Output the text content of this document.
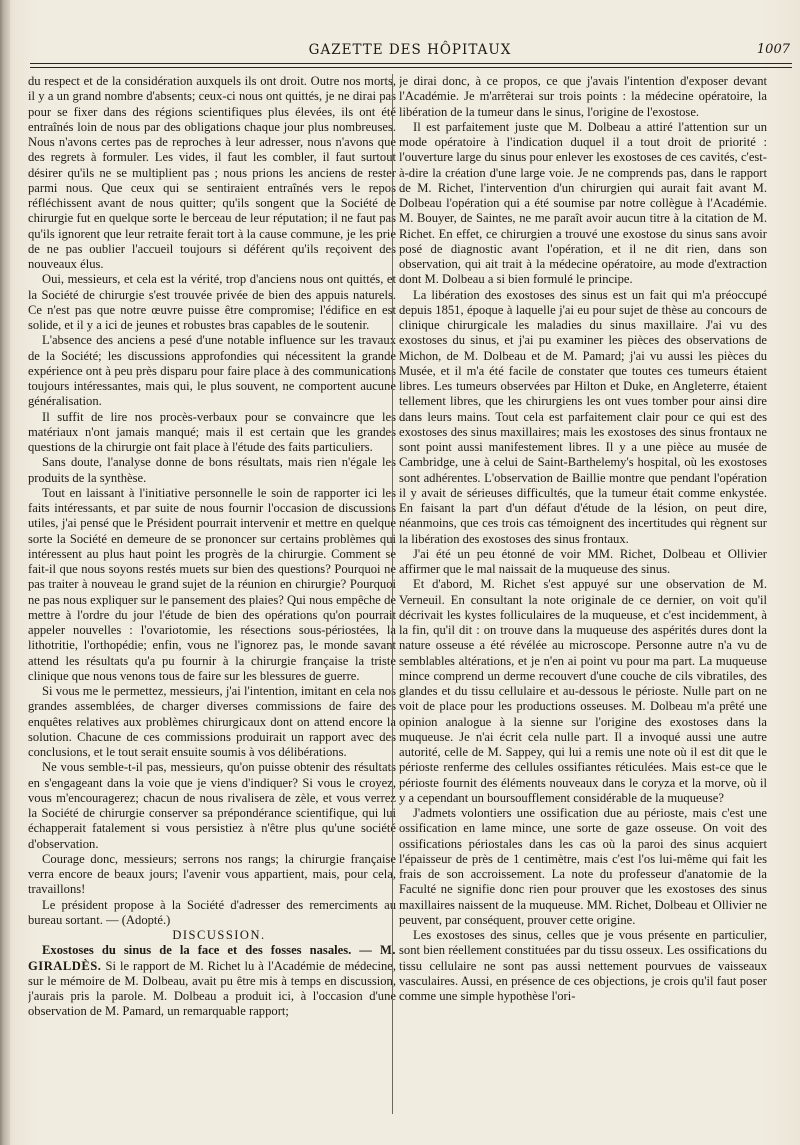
GAZETTE DES HÔPITAUX	1007

du respect et de la considération auxquels ils ont droit. Outre nos morts, il y a un grand nombre d'absents; ceux-ci nous ont quittés, je ne dirai pas pour se fixer dans des régions scientifiques plus élevées, ils ont été entraînés loin de nous par des obligations chaque jour plus nombreuses. Nous n'avons certes pas de reproches à leur adresser, nous n'avons que des regrets à formuler. Les vides, il faut les combler, il faut surtout désirer qu'ils ne se multiplient pas ; nous prions les anciens de rester parmi nous. Que ceux qui se sentiraient entraînés vers le repos réfléchissent avant de nous quitter; qu'ils songent que la Société de chirurgie fut en quelque sorte le berceau de leur réputation; il ne faut pas qu'ils ignorent que leur retraite ferait tort à la cause commune, je les prie de ne pas oublier l'accueil toujours si déférent qu'ils reçoivent des nouveaux élus.

Oui, messieurs, et cela est la vérité, trop d'anciens nous ont quittés, et la Société de chirurgie s'est trouvée privée de bien des appuis naturels. Ce n'est pas que notre œuvre puisse être compromise; l'édifice en est solide, et il y a ici de jeunes et robustes bras capables de le soutenir.

L'absence des anciens a pesé d'une notable influence sur les travaux de la Société; les discussions approfondies qui nécessitent la grande expérience ont à peu près disparu pour faire place à des communications toujours intéressantes, mais qui, le plus souvent, ne comportent aucune généralisation.

Il suffit de lire nos procès-verbaux pour se convaincre que les matériaux n'ont jamais manqué; mais il est certain que les grandes questions de la chirurgie ont fait place à l'étude des faits particuliers.

Sans doute, l'analyse donne de bons résultats, mais rien n'égale les produits de la synthèse.

Tout en laissant à l'initiative personnelle le soin de rapporter ici les faits intéressants, et par suite de nous fournir l'occasion de discussions utiles, j'ai pensé que le Président pourrait intervenir et mettre en quelque sorte la Société en demeure de se prononcer sur certains problèmes qui intéressent au plus haut point les progrès de la chirurgie. Comment se fait-il que nous soyons restés muets sur bien des questions? Pourquoi ne pas traiter à nouveau le grand sujet de la réunion en chirurgie? Pourquoi ne pas nous expliquer sur le pansement des plaies? Qui nous empêche de mettre à l'ordre du jour l'étude de bien des opérations qu'on pourrait appeler nouvelles : l'ovariotomie, les résections sous-périostées, la lithotritie, l'orthopédie; enfin, vous ne l'ignorez pas, le monde savant attend les résultats qu'a pu fournir à la chirurgie française la triste clinique que nous venons tous de faire sur les blessures de guerre.

Si vous me le permettez, messieurs, j'ai l'intention, imitant en cela nos grandes assemblées, de charger diverses commissions de faire des enquêtes relatives aux problèmes chirurgicaux dont on attend encore la solution. Chacune de ces commissions produirait un rapport avec des conclusions, et le tout serait ensuite soumis à vos délibérations.

Ne vous semble-t-il pas, messieurs, qu'on puisse obtenir des résultats en s'engageant dans la voie que je viens d'indiquer? Si vous le croyez, vous m'encouragerez; chacun de nous rivalisera de zèle, et vous verrez la Société de chirurgie conserver sa prépondérance scientifique, qui lui échapperait fatalement si vous persistiez à n'être plus qu'une société d'observation.

Courage donc, messieurs; serrons nos rangs; la chirurgie française verra encore de beaux jours; l'avenir vous appartient, mais, pour cela, travaillons!

Le président propose à la Société d'adresser des remerciments au bureau sortant. — (Adopté.)

DISCUSSION.

Exostoses du sinus de la face et des fosses nasales. — M. GIRALDÈS. Si le rapport de M. Richet lu à l'Académie de médecine, sur le mémoire de M. Dolbeau, avait pu être mis à temps en discussion, j'aurais pris la parole. M. Dolbeau a produit ici, à l'occasion d'une observation de M. Pamard, un remarquable rapport;

je dirai donc, à ce propos, ce que j'avais l'intention d'exposer devant l'Académie. Je m'arrêterai sur trois points : la médecine opératoire, la libération de la tumeur dans le sinus, l'origine de l'exostose.

Il est parfaitement juste que M. Dolbeau a attiré l'attention sur un mode opératoire à l'indication duquel il a tout droit de priorité : l'ouverture large du sinus pour enlever les exostoses de ces cavités, c'est-à-dire la création d'une large voie. Je ne comprends pas, dans le rapport de M. Richet, l'intervention d'un chirurgien qui aurait fait avant M. Dolbeau l'opération qui a été soumise par notre collègue à l'Académie. M. Bouyer, de Saintes, ne me paraît avoir aucun titre à la citation de M. Richet. En effet, ce chirurgien a trouvé une exostose du sinus sans avoir posé de diagnostic avant l'opération, et il ne dit rien, dans son observation, qui ait trait à la médecine opératoire, au mode d'extraction dont M. Dolbeau a si bien formulé le principe.

La libération des exostoses des sinus est un fait qui m'a préoccupé depuis 1851, époque à laquelle j'ai eu pour sujet de thèse au concours de clinique chirurgicale les maladies du sinus maxillaire. J'ai vu des exostoses du sinus, et j'ai pu examiner les pièces des observations de Michon, de M. Dolbeau et de M. Pamard; j'ai vu aussi les pièces du Musée, et il m'a été facile de constater que toutes ces tumeurs étaient libres. Les tumeurs observées par Hilton et Duke, en Angleterre, étaient tellement libres, que les chirurgiens les ont vues tomber pour ainsi dire dans leurs mains. Tout cela est parfaitement clair pour ce qui est des exostoses des sinus maxillaires; mais les exostoses des sinus frontaux ne sont point aussi manifestement libres. Il y a une pièce au musée de Cambridge, une à celui de Saint-Barthelemy's hospital, où les exostoses sont adhérentes. L'observation de Baillie montre que pendant l'opération il y avait de sérieuses difficultés, que la tumeur était comme enkystée. En faisant la part d'un défaut d'étude de la lésion, on peut dire, néanmoins, que ces trois cas témoignent des incertitudes qui règnent sur la libération des exostoses des sinus frontaux.

J'ai été un peu étonné de voir MM. Richet, Dolbeau et Ollivier affirmer que le mal naissait de la muqueuse des sinus.

Et d'abord, M. Richet s'est appuyé sur une observation de M. Verneuil. En consultant la note originale de ce dernier, on voit qu'il décrivait les kystes folliculaires de la muqueuse, et c'est incidemment, à la fin, qu'il dit : on trouve dans la muqueuse des aspérités dures dont la nature osseuse a été révélée au microscope. Personne autre n'a vu de semblables altérations, et je n'en ai point vu pour ma part. La muqueuse mince comprend un derme recouvert d'une couche de cils vibratiles, des glandes et du tissu cellulaire et au-dessous le périoste. Nulle part on ne voit de place pour les productions osseuses. M. Dolbeau m'a prêté une opinion analogue à la sienne sur l'origine des exostoses dans la muqueuse. Je n'ai écrit cela nulle part. Il a invoqué aussi une autre autorité, celle de M. Sappey, qui lui a remis une note où il est dit que le périoste renferme des cellules ossifiantes réticulées. Mais est-ce que le périoste fournit des éléments nouveaux dans le coryza et la morve, où il y a cependant un boursoufflement considérable de la muqueuse?

J'admets volontiers une ossification due au périoste, mais c'est une ossification en lame mince, une sorte de gaze osseuse. On voit des ossifications périostales dans les cas où la paroi des sinus acquiert l'épaisseur de près de 1 centimètre, mais c'est l'os lui-même qui fait les frais de son accroissement. La note du professeur d'anatomie de la Faculté ne signifie donc rien pour prouver que les exostoses des sinus maxillaires naissent de la muqueuse. MM. Richet, Dolbeau et Ollivier ne peuvent, par conséquent, prouver cette origine.

Les exostoses des sinus, celles que je vous présente en particulier, sont bien réellement constituées par du tissu osseux. Les ossifications du tissu cellulaire ne sont pas aussi nettement pourvues de vaisseaux vasculaires. Aussi, en présence de ces objections, je crois qu'il faut poser comme une simple hypothèse l'ori-
